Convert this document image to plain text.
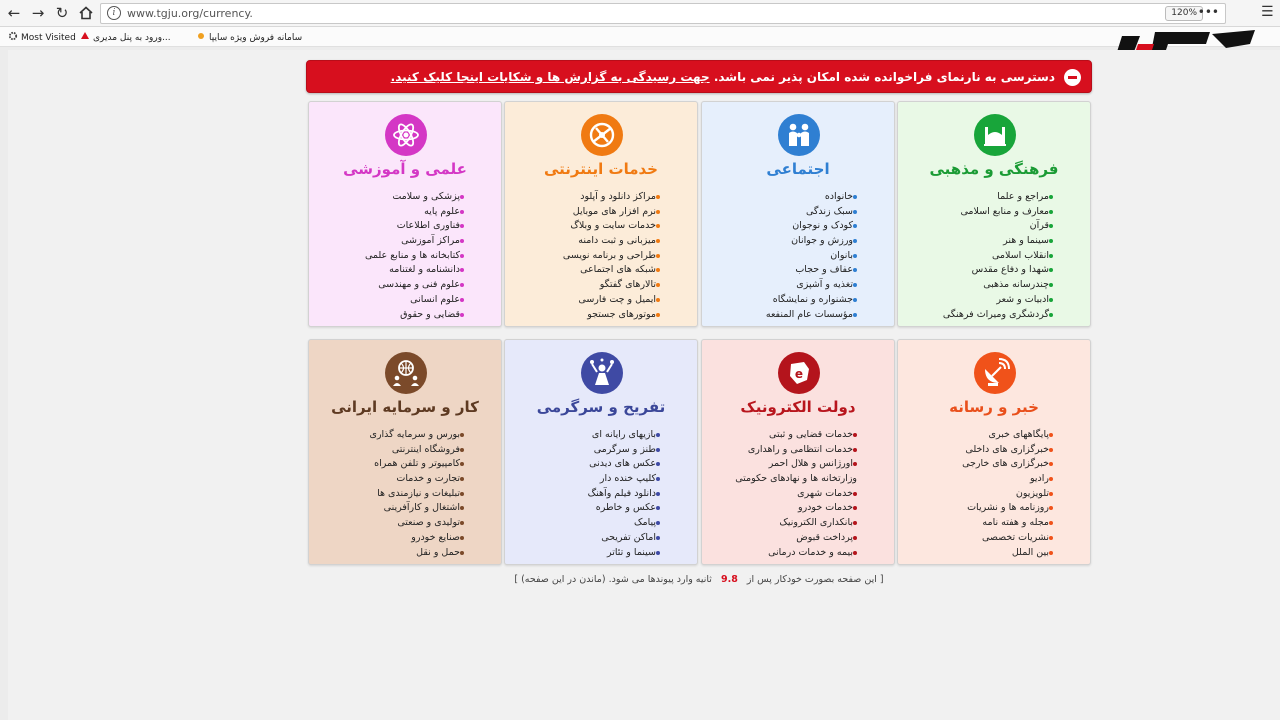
← → ↻	i	www.tgju.org/currency.	120% •••	☰
Most Visited	ورود به پنل مدیری...	سامانه فروش ویژه سایپا
دسترسی به نارنمای فراخوانده شده امکان پذیر نمی باشد. جهت رسیدگی به گزارش ها و شکایات اینجا کلیک کنید.
فرهنگی و مذهبی
مراجع و علما
معارف و منابع اسلامی
قرآن
سینما و هنر
انقلاب اسلامی
شهدا و دفاع مقدس
چندرسانه مذهبی
ادبیات و شعر
گردشگری ومیراث فرهنگی
اجتماعی
خانواده
سبک زندگی
کودک و نوجوان
ورزش و جوانان
بانوان
عفاف و حجاب
تغذیه و آشپزی
جشنواره و نمایشگاه
مؤسسات عام المنفعه
خدمات اینترنتی
مراکز دانلود و آپلود
نرم افزار های موبایل
خدمات سایت و وبلاگ
میزبانی و ثبت دامنه
طراحی و برنامه نویسی
شبکه های اجتماعی
تالارهای گفتگو
ایمیل و چت فارسی
موتورهای جستجو
علمی و آموزشی
پزشکی و سلامت
علوم پایه
فناوری اطلاعات
مراکز آموزشی
کتابخانه ها و منابع علمی
دانشنامه و لغتنامه
علوم فنی و مهندسی
علوم انسانی
قضایی و حقوق
خبر و رسانه
پایگاههای خبری
خبرگزاری های داخلی
خبرگزاری های خارجی
رادیو
تلویزیون
روزنامه ها و نشریات
مجله و هفته نامه
نشریات تخصصی
بین الملل
e
دولت الکترونیک
خدمات قضایی و ثبتی
خدمات انتظامی و راهداری
اورژانس و هلال احمر
وزارتخانه ها و نهادهای حکومتی
خدمات شهری
خدمات خودرو
بانکداری الکترونیک
پرداخت قبوض
بیمه و خدمات درمانی
تفریح و سرگرمی
بازیهای رایانه ای
طنز و سرگرمی
عکس های دیدنی
کلیپ خنده دار
دانلود فیلم وآهنگ
عکس و خاطره
پیامک
اماکن تفریحی
سینما و تئاتر
کار و سرمایه ایرانی
بورس و سرمایه گذاری
فروشگاه اینترنتی
کامپیوتر و تلفن همراه
تجارت و خدمات
تبلیغات و نیازمندی ها
اشتغال و کارآفرینی
تولیدی و صنعتی
صنایع خودرو
حمل و نقل
[ این صفحه بصورت خودکار پس از 9.8 ثانیه وارد پیوندها می شود. (ماندن در این صفحه) ]
